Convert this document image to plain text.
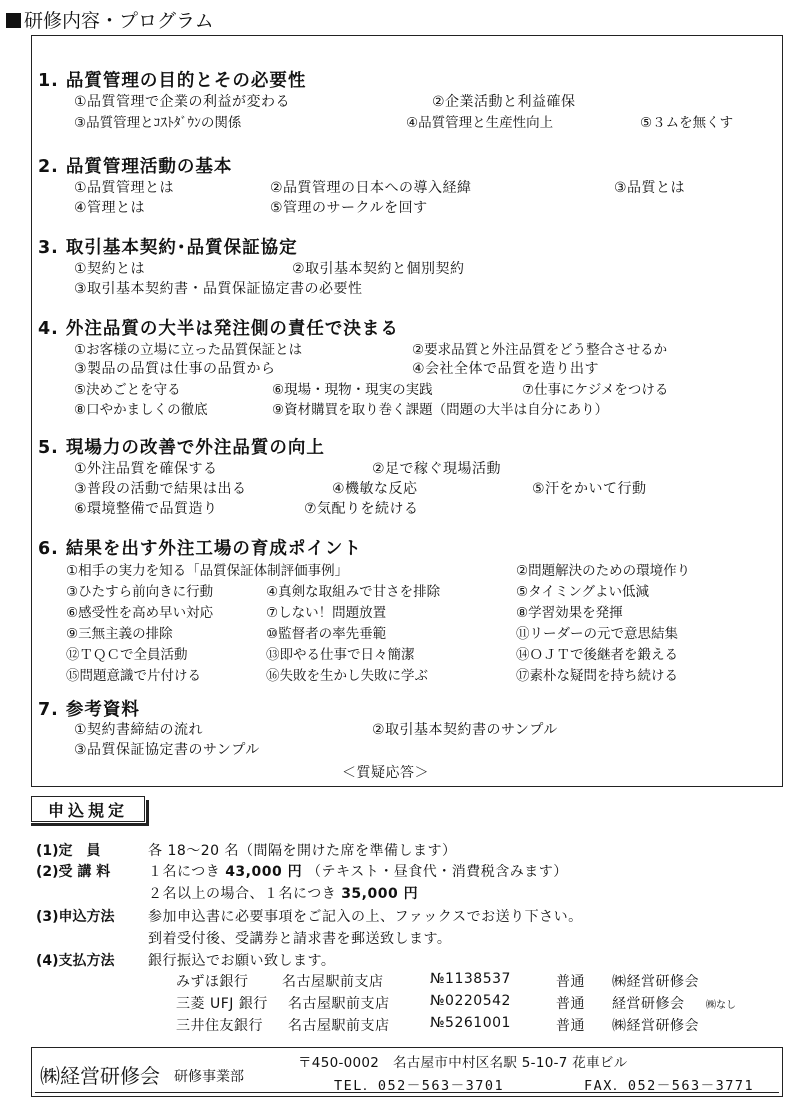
研修内容・プログラム
1. 品質管理の目的とその必要性
①品質管理で企業の利益が変わる	②企業活動と利益確保
③品質管理とｺｽﾄﾀﾞｳﾝの関係	④品質管理と生産性向上	⑤３ムを無くす
2. 品質管理活動の基本
①品質管理とは	②品質管理の日本への導入経緯	③品質とは
④管理とは	⑤管理のサークルを回す
3. 取引基本契約･品質保証協定
①契約とは	②取引基本契約と個別契約
③取引基本契約書・品質保証協定書の必要性
4. 外注品質の大半は発注側の責任で決まる
①お客様の立場に立った品質保証とは	②要求品質と外注品質をどう整合させるか
③製品の品質は仕事の品質から	④会社全体で品質を造り出す
⑤決めごとを守る	⑥現場・現物・現実の実践	⑦仕事にケジメをつける
⑧口やかましくの徹底	⑨資材購買を取り巻く課題（問題の大半は自分にあり）
5. 現場力の改善で外注品質の向上
①外注品質を確保する	②足で稼ぐ現場活動
③普段の活動で結果は出る	④機敏な反応	⑤汗をかいて行動
⑥環境整備で品質造り	⑦気配りを続ける
6. 結果を出す外注工場の育成ポイント
①相手の実力を知る「品質保証体制評価事例」	②問題解決のための環境作り
③ひたすら前向きに行動	④真剣な取組みで甘さを排除	⑤タイミングよい低減
⑥感受性を高め早い対応	⑦しない！問題放置	⑧学習効果を発揮
⑨三無主義の排除	⑩監督者の率先垂範	⑪リーダーの元で意思結集
⑫ＴＱＣで全員活動	⑬即やる仕事で日々簡潔	⑭ＯＪＴで後継者を鍛える
⑮問題意識で片付ける	⑯失敗を生かし失敗に学ぶ	⑰素朴な疑問を持ち続ける
7. 参考資料
①契約書締結の流れ	②取引基本契約書のサンプル
③品質保証協定書のサンプル
＜質疑応答＞
申込規定
(1)定　員	各 18～20 名（間隔を開けた席を準備します）
(2)受 講 料	１名につき 43,000 円 （テキスト・昼食代・消費税含みます）
２名以上の場合、１名につき 35,000 円
(3)申込方法 参加申込書に必要事項をご記入の上、ファックスでお送り下さい。
到着受付後、受講券と請求書を郵送致します。
(4)支払方法 銀行振込でお願い致します。
みずほ銀行 名古屋駅前支店	№1138537	普通 ㈱経営研修会
三菱 UFJ 銀行 名古屋駅前支店	№0220542	普通 経営研修会 ㈱なし
三井住友銀行 名古屋駅前支店	№5261001	普通 ㈱経営研修会
㈱経営研修会 研修事業部
〒450-0002　名古屋市中村区名駅 5-10-7 花車ビル
TEL．052－563－3701	FAX．052－563－3771
